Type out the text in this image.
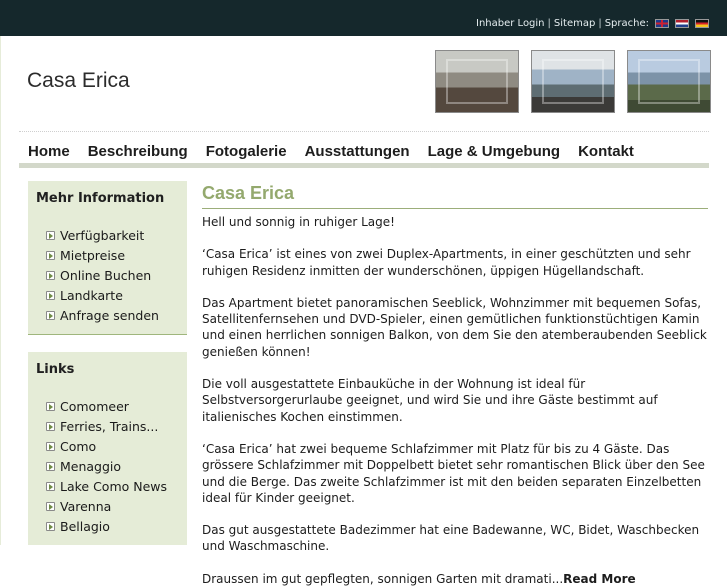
Inhaber Login | Sitemap | Sprache:
Casa Erica
Home Beschreibung Fotogalerie Ausstattungen Lage & Umgebung Kontakt
Mehr Information
Verfügbarkeit
Mietpreise
Online Buchen
Landkarte
Anfrage senden
Links
Comomeer
Ferries, Trains...
Como
Menaggio
Lake Como News
Varenna
Bellagio
Casa Erica

Hell und sonnig in ruhiger Lage!

‘Casa Erica’ ist eines von zwei Duplex-Apartments, in einer geschützten und sehr ruhigen Residenz inmitten der wunderschönen, üppigen Hügellandschaft.

Das Apartment bietet panoramischen Seeblick, Wohnzimmer mit bequemen Sofas, Satellitenfernsehen und DVD-Spieler, einen gemütlichen funktionstüchtigen Kamin und einen herrlichen sonnigen Balkon, von dem Sie den atemberaubenden Seeblick genießen können!

Die voll ausgestattete Einbauküche in der Wohnung ist ideal für Selbstversorgerurlaube geeignet, und wird Sie und ihre Gäste bestimmt auf italienisches Kochen einstimmen.

‘Casa Erica’ hat zwei bequeme Schlafzimmer mit Platz für bis zu 4 Gäste. Das grössere Schlafzimmer mit Doppelbett bietet sehr romantischen Blick über den See und die Berge. Das zweite Schlafzimmer ist mit den beiden separaten Einzelbetten ideal für Kinder geeignet.

Das gut ausgestattete Badezimmer hat eine Badewanne, WC, Bidet, Waschbecken und Waschmaschine.

Draussen im gut gepflegten, sonnigen Garten mit dramati...Read More
